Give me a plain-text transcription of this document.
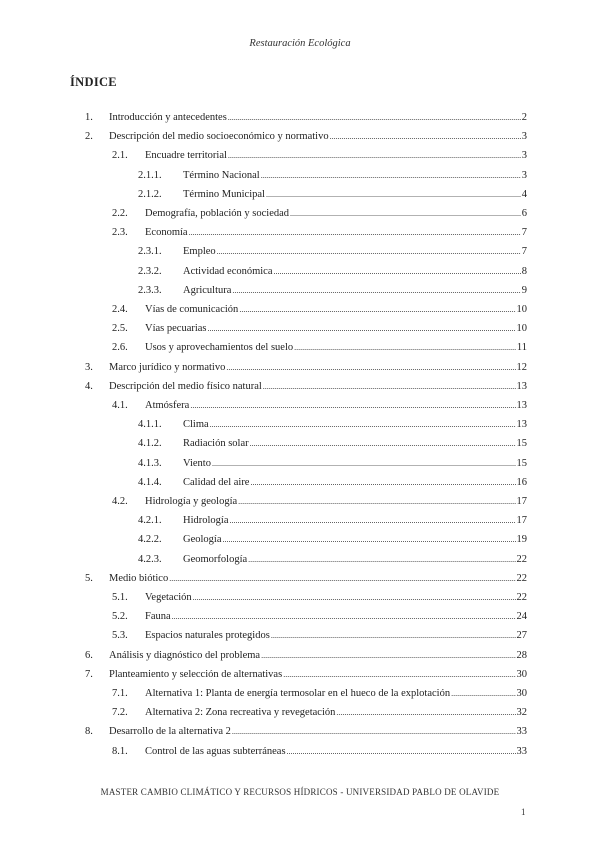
Restauración Ecológica
ÍNDICE
1. Introducción y antecedentes .....	2
2. Descripción del medio socioeconómico y normativo .....	3
2.1. Encuadre territorial .....	3
2.1.1. Término Nacional .....	3
2.1.2. Término Municipal .....	4
2.2. Demografía, población y sociedad .....	6
2.3. Economía .....	7
2.3.1. Empleo .....	7
2.3.2. Actividad económica .....	8
2.3.3. Agricultura .....	9
2.4. Vías de comunicación .....	10
2.5. Vías pecuarias .....	10
2.6. Usos y aprovechamientos del suelo .....	11
3. Marco jurídico y normativo .....	12
4. Descripción del medio físico natural .....	13
4.1. Atmósfera .....	13
4.1.1. Clima .....	13
4.1.2. Radiación solar .....	15
4.1.3. Viento .....	15
4.1.4. Calidad del aire .....	16
4.2. Hidrología y geología .....	17
4.2.1. Hidrología .....	17
4.2.2. Geología .....	19
4.2.3. Geomorfología .....	22
5. Medio biótico .....	22
5.1. Vegetación .....	22
5.2. Fauna .....	24
5.3. Espacios naturales protegidos .....	27
6. Análisis y diagnóstico del problema .....	28
7. Planteamiento y selección de alternativas .....	30
7.1. Alternativa 1: Planta de energía termosolar en el hueco de la explotación .....	30
7.2. Alternativa 2: Zona recreativa y revegetación .....	32
8. Desarrollo de la alternativa 2 .....	33
8.1. Control de las aguas subterráneas .....	33
MASTER CAMBIO CLIMÁTICO Y RECURSOS HÍDRICOS - UNIVERSIDAD PABLO DE OLAVIDE
1
